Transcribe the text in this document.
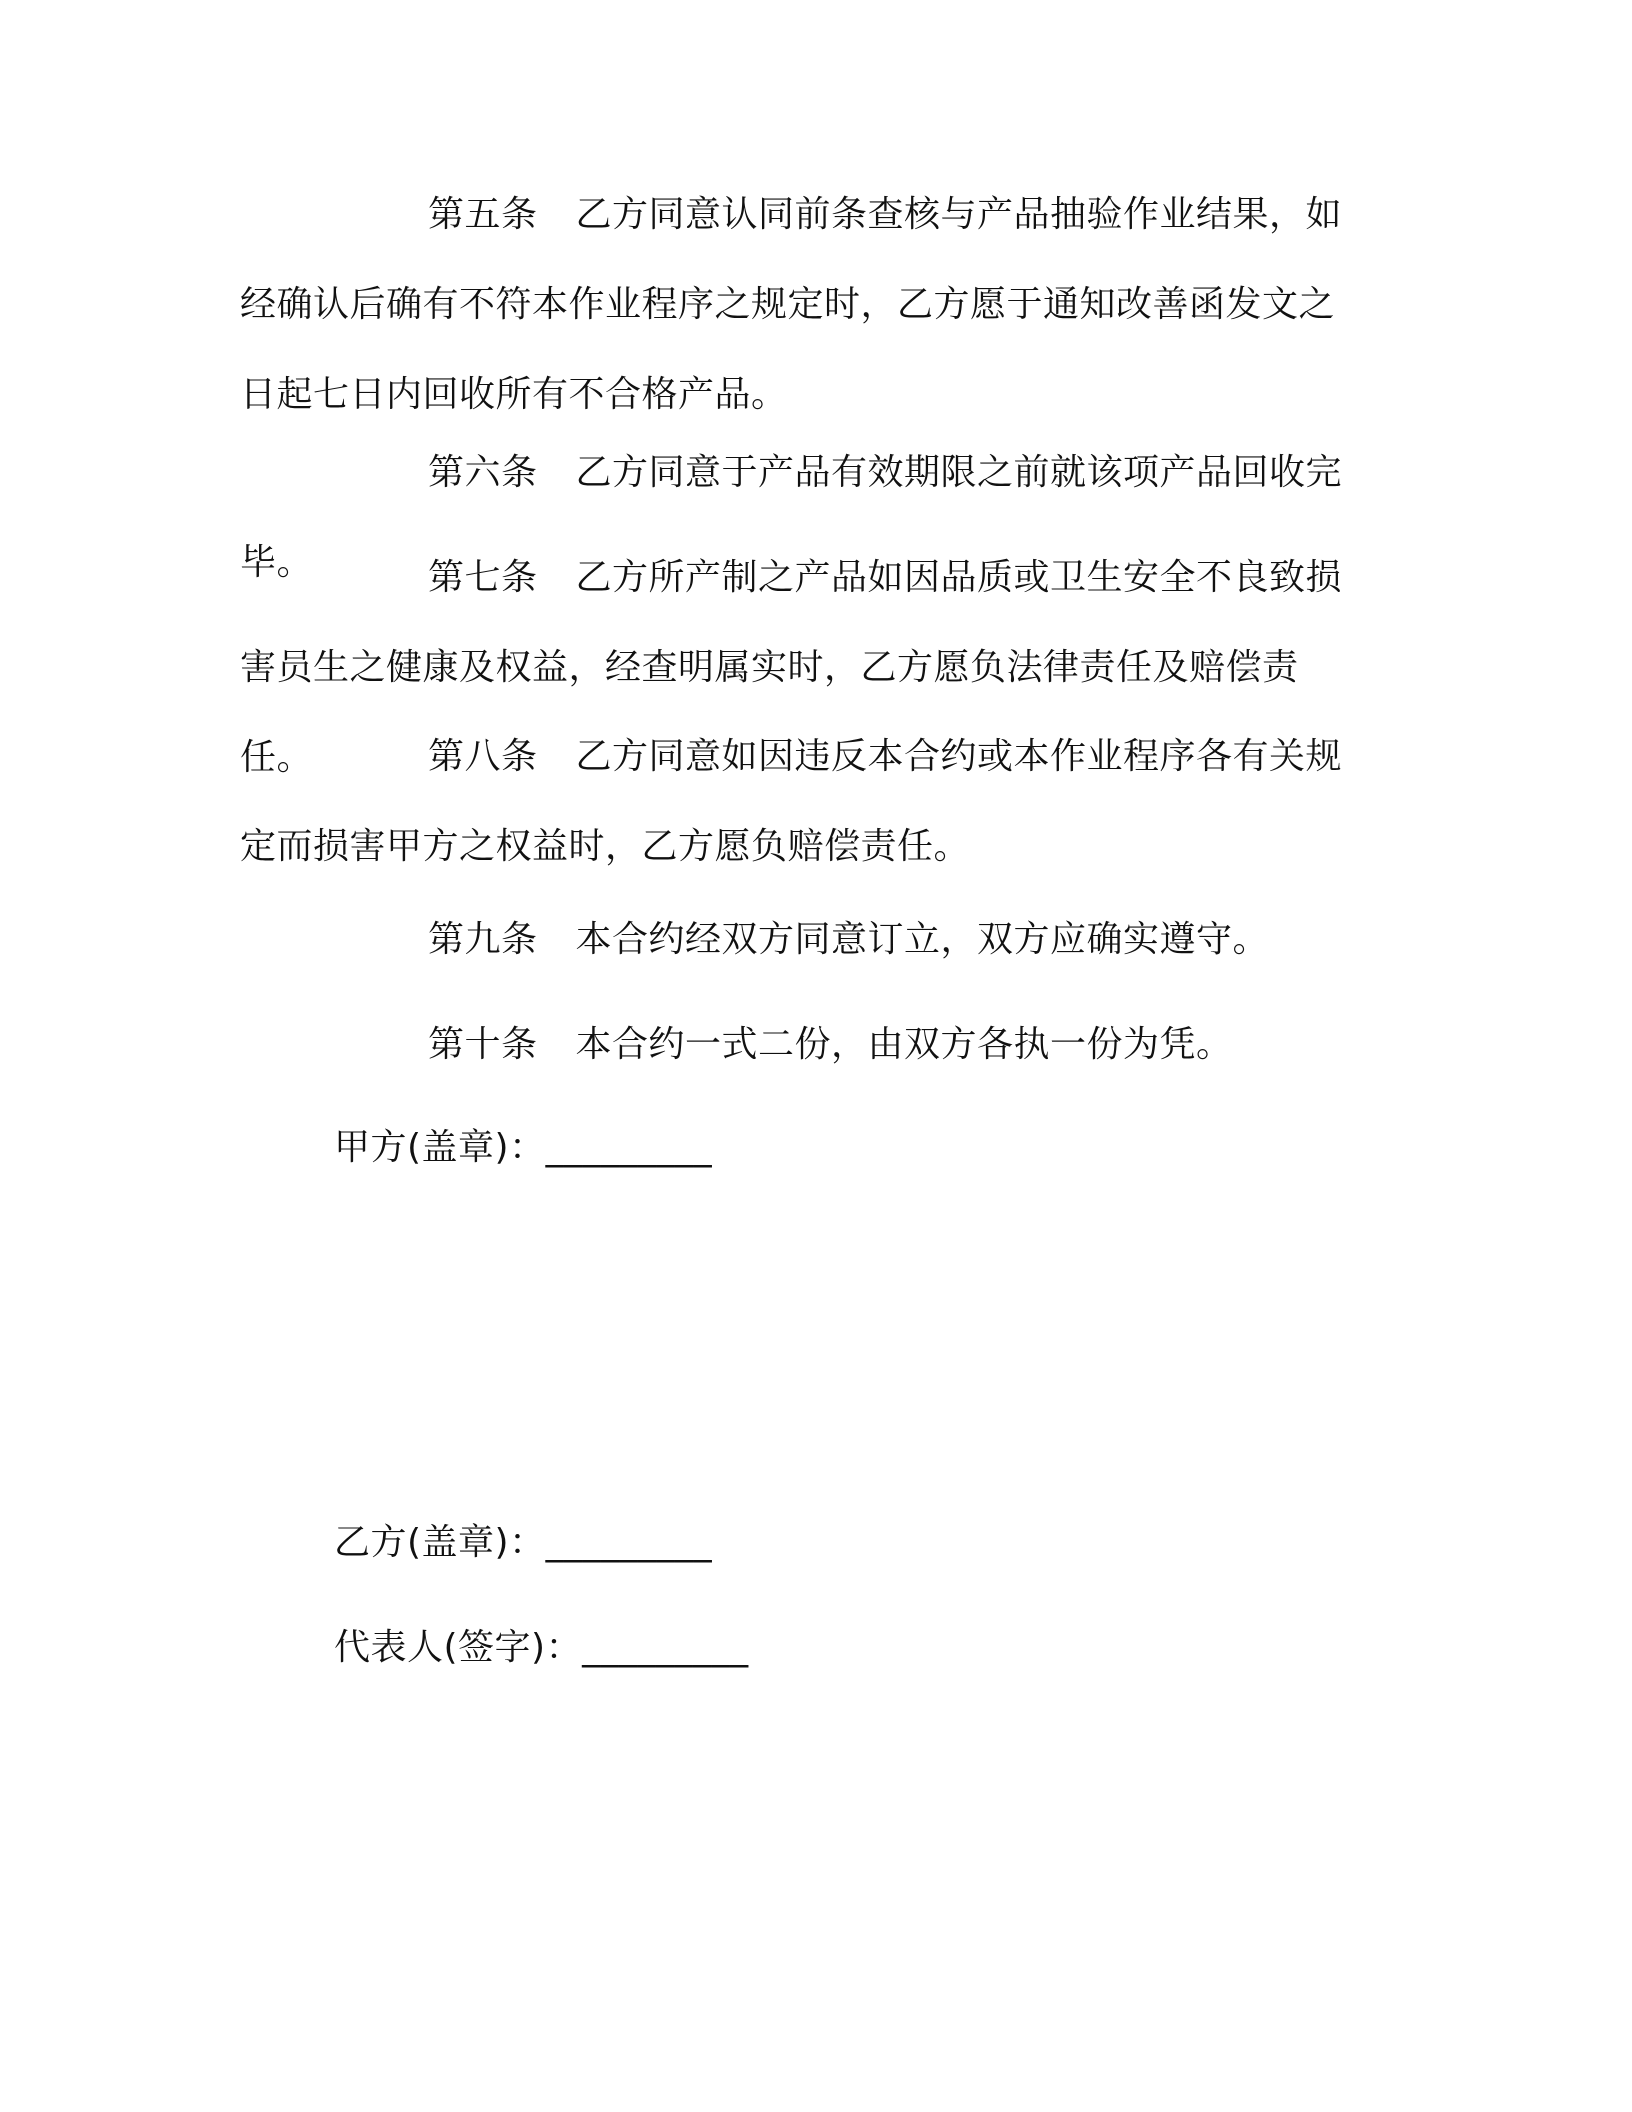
第五条 乙方同意认同前条查核与产品抽验作业结果，如经确认后确有不符本作业程序之规定时，乙方愿于通知改善函发文之日起七日内回收所有不合格产品。

第六条 乙方同意于产品有效期限之前就该项产品回收完毕。	第七条 乙方所产制之产品如因品质或卫生安全不良致损害员生之健康及权益，经查明属实时，乙方愿负法律责任及赔偿责任。	第八条 乙方同意如因违反本合约或本作业程序各有关规定而损害甲方之权益时，乙方愿负赔偿责任。

第九条 本合约经双方同意订立，双方应确实遵守。

第十条 本合约一式二份，由双方各执一份为凭。

甲方(盖章)：_________

乙方(盖章)：_________

代表人(签字)：_________
